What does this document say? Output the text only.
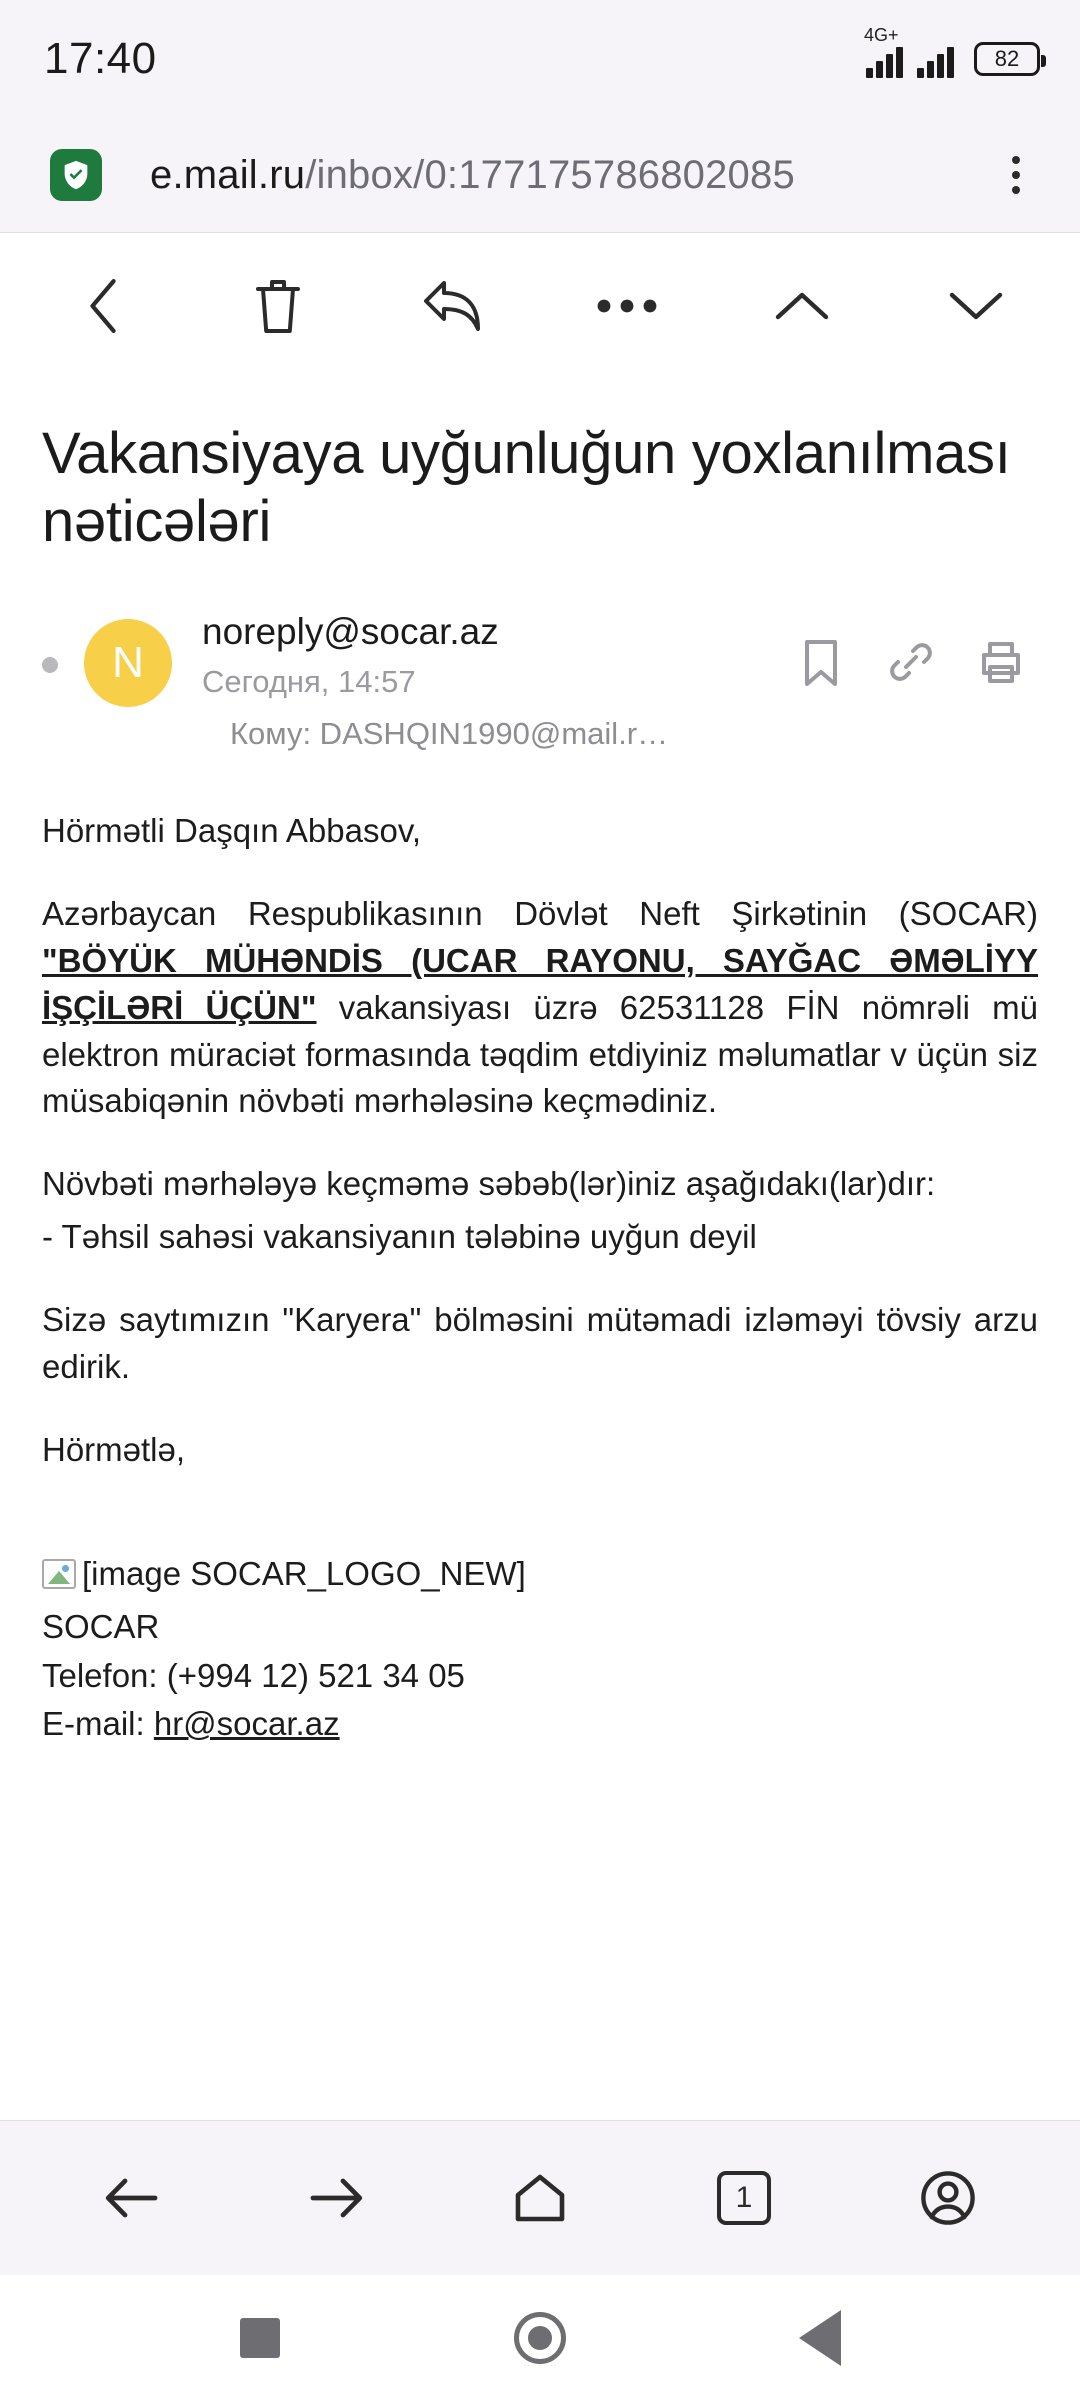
17:40	4G+
82
e.mail.ru/inbox/0:177175786802085
Vakansiyaya uyğunluğun yoxlanılması nəticələri
N
noreply@socar.az
Сегодня, 14:57
Кому: DASHQIN1990@mail.r…

Hörmətli Daşqın Abbasov,

Azərbaycan Respublikasının Dövlət Neft Şirkətinin (SOCAR) "BÖYÜK MÜHƏNDİS (UCAR RAYONU, SAYĞAC ƏMƏLİYY İŞÇİLƏRİ ÜÇÜN" vakansiyası üzrə 62531128 FİN nömrəli mü elektron müraciət formasında təqdim etdiyiniz məlumatlar v üçün siz müsabiqənin növbəti mərhələsinə keçmədiniz.

Növbəti mərhələyə keçməmə səbəb(lər)iniz aşağıdakı(lar)dır:

- Təhsil sahəsi vakansiyanın tələbinə uyğun deyil

Sizə saytımızın "Karyera" bölməsini mütəmadi izləməyi tövsiy arzu edirik.

Hörmətlə,

[image SOCAR_LOGO_NEW]
SOCAR
Telefon: (+994 12) 521 34 05
E-mail: hr@socar.az
1
